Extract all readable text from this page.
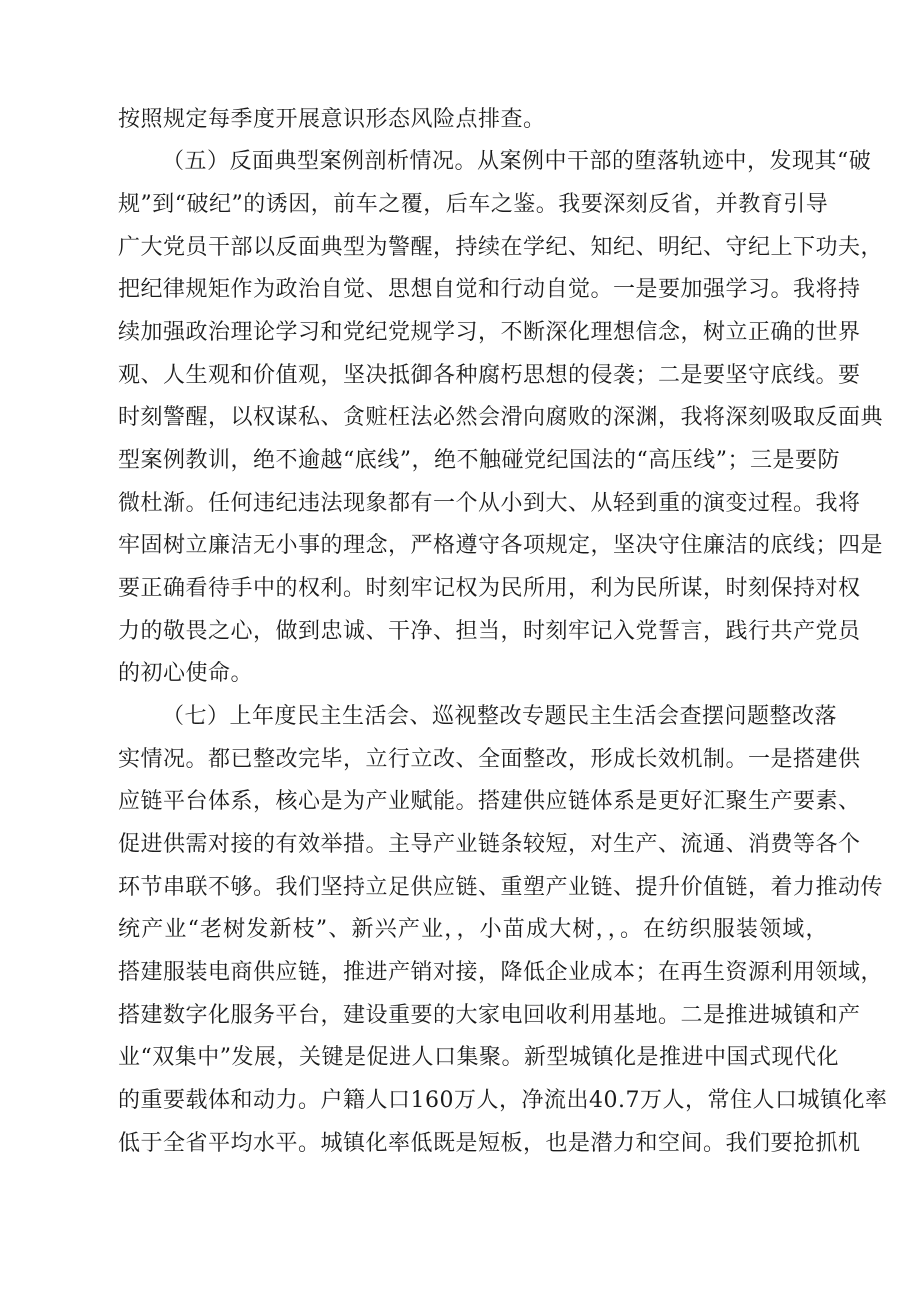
按照规定每季度开展意识形态风险点排查。
（五）反面典型案例剖析情况。从案例中干部的堕落轨迹中，发现其“破
规”到“破纪”的诱因，前车之覆，后车之鉴。我要深刻反省，并教育引导
广大党员干部以反面典型为警醒，持续在学纪、知纪、明纪、守纪上下功夫，
把纪律规矩作为政治自觉、思想自觉和行动自觉。一是要加强学习。我将持
续加强政治理论学习和党纪党规学习，不断深化理想信念，树立正确的世界
观、人生观和价值观，坚决抵御各种腐朽思想的侵袭；二是要坚守底线。要
时刻警醒，以权谋私、贪赃枉法必然会滑向腐败的深渊，我将深刻吸取反面典
型案例教训，绝不逾越“底线”，绝不触碰党纪国法的“高压线”；三是要防
微杜渐。任何违纪违法现象都有一个从小到大、从轻到重的演变过程。我将
牢固树立廉洁无小事的理念，严格遵守各项规定，坚决守住廉洁的底线；四是
要正确看待手中的权利。时刻牢记权为民所用，利为民所谋，时刻保持对权
力的敬畏之心，做到忠诚、干净、担当，时刻牢记入党誓言，践行共产党员
的初心使命。
（七）上年度民主生活会、巡视整改专题民主生活会查摆问题整改落
实情况。都已整改完毕，立行立改、全面整改，形成长效机制。一是搭建供
应链平台体系，核心是为产业赋能。搭建供应链体系是更好汇聚生产要素、
促进供需对接的有效举措。主导产业链条较短，对生产、流通、消费等各个
环节串联不够。我们坚持立足供应链、重塑产业链、提升价值链，着力推动传
统产业“老树发新枝”、新兴产业，，小苗成大树，，。在纺织服装领域，
搭建服装电商供应链，推进产销对接，降低企业成本；在再生资源利用领域，
搭建数字化服务平台，建设重要的大家电回收利用基地。二是推进城镇和产
业“双集中”发展，关键是促进人口集聚。新型城镇化是推进中国式现代化
的重要载体和动力。户籍人口160万人，净流出40.7万人，常住人口城镇化率
低于全省平均水平。城镇化率低既是短板，也是潜力和空间。我们要抢抓机
